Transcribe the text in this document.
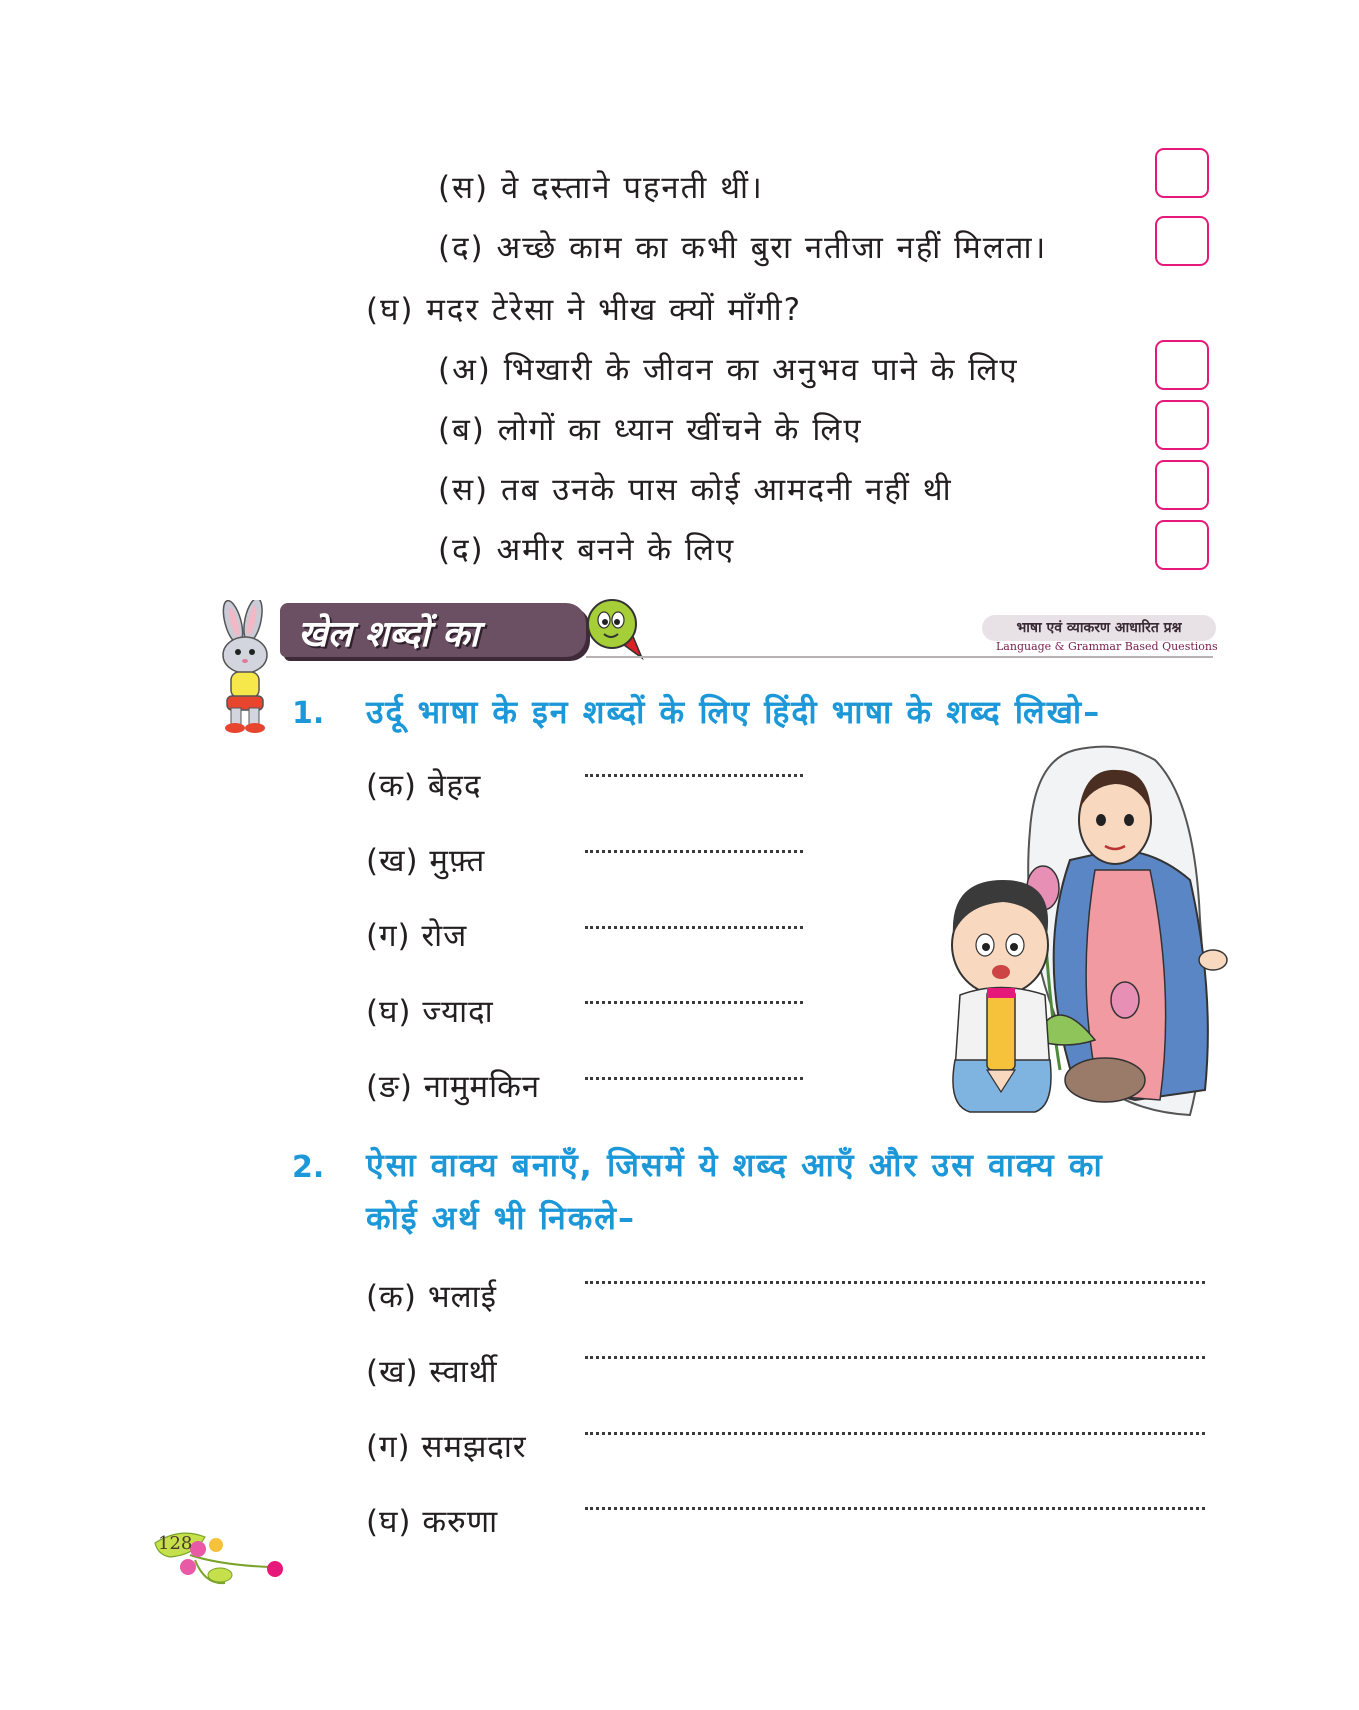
(स) वे दस्ताने पहनती थीं।
(द) अच्छे काम का कभी बुरा नतीजा नहीं मिलता।
(घ) मदर टेरेसा ने भीख क्यों माँगी?
(अ) भिखारी के जीवन का अनुभव पाने के लिए
(ब) लोगों का ध्यान खींचने के लिए
(स) तब उनके पास कोई आमदनी नहीं थी
(द) अमीर बनने के लिए
खेल शब्दों का	भाषा एवं व्याकरण आधारित प्रश्न
Language & Grammar Based Questions
1. उर्दू भाषा के इन शब्दों के लिए हिंदी भाषा के शब्द लिखो–
(क) बेहद
(ख) मुफ़्त
(ग) रोज
(घ) ज्यादा
(ङ) नामुमकिन
2. ऐसा वाक्य बनाएँ, जिसमें ये शब्द आएँ और उस वाक्य का
कोई अर्थ भी निकले–
(क) भलाई
(ख) स्वार्थी
(ग) समझदार
(घ) करुणा
128
